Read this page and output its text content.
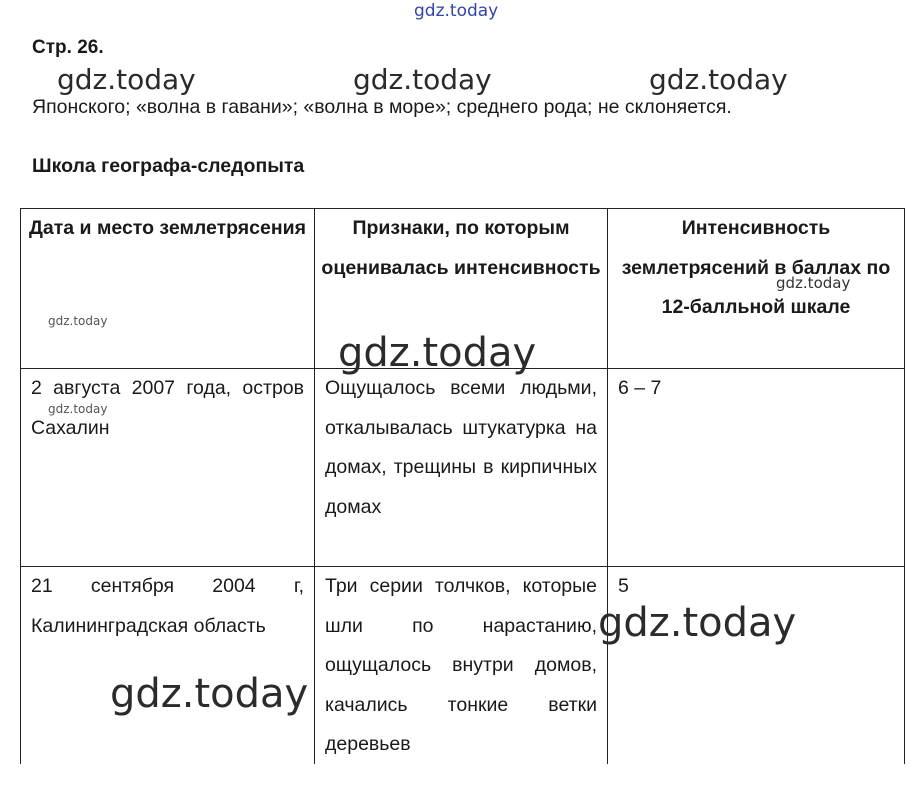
gdz.today
gdz.today	gdz.today	gdz.today
Стр. 26.
Японского; «волна в гавани»; «волна в море»; среднего рода; не склоняется.
Школа географа-следопыта
Дата и место землетрясения	Признаки, по которым оценивалась интенсивность	Интенсивность землетрясений в баллах по 12-балльной шкале
2 августа 2007 года, остров Сахалин	Ощущалось всеми людьми, откалывалась штукатурка на домах, трещины в кирпичных домах	6 – 7
21 сентября 2004 г, Калининградская область	Три серии толчков, которые шли по нарастанию, ощущалось внутри домов, качались тонкие ветки деревьев	5
gdz.today
gdz.today
gdz.today
gdz.today
gdz.today
gdz.today
